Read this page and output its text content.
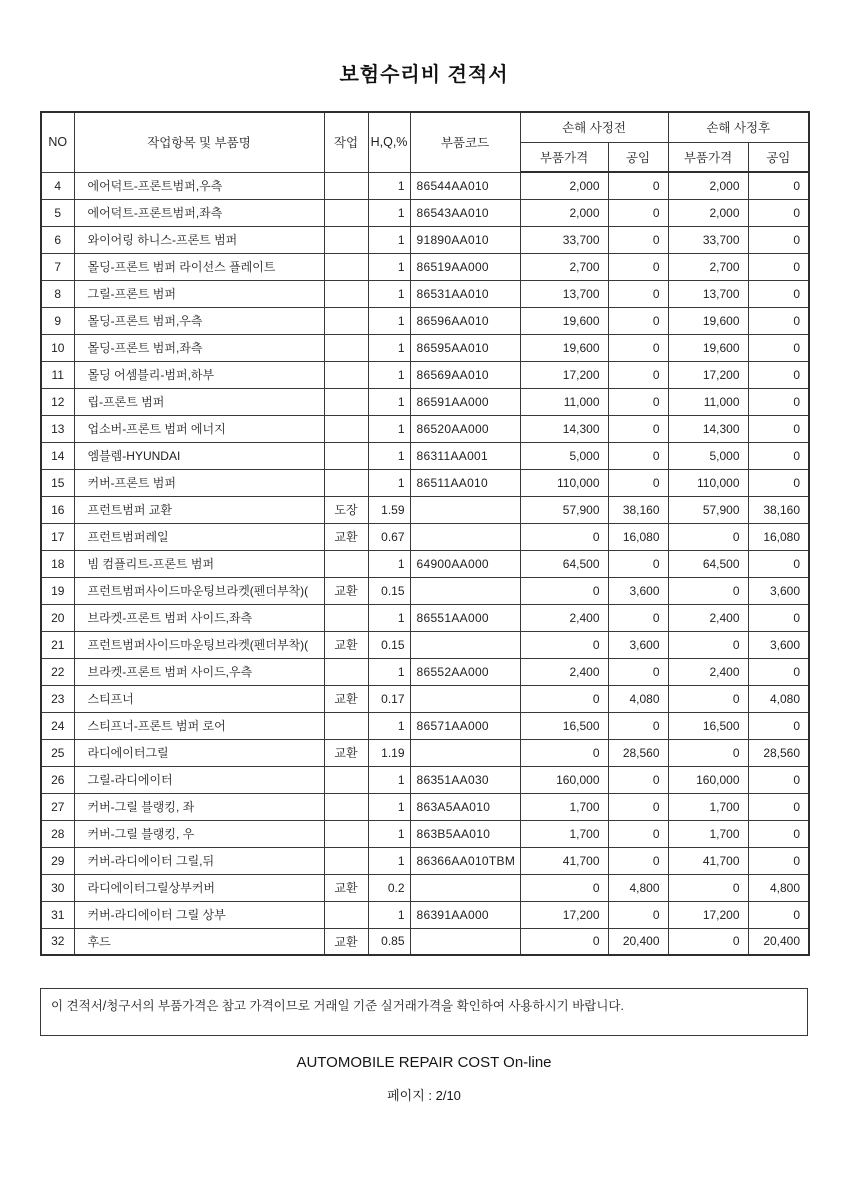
보험수리비 견적서
NO	작업항목 및 부품명	작업	H,Q,%	부품코드	손해 사정전		손해 사정후	
					부품가격	공임	부품가격	공임
4	에어덕트-프론트범퍼,우측		1	86544AA010	2,000	0	2,000	0
5	에어덕트-프론트범퍼,좌측		1	86543AA010	2,000	0	2,000	0
6	와이어링 하니스-프론트 범퍼		1	91890AA010	33,700	0	33,700	0
7	몰딩-프론트 범퍼 라이선스 플레이트		1	86519AA000	2,700	0	2,700	0
8	그릴-프론트 범퍼		1	86531AA010	13,700	0	13,700	0
9	몰딩-프론트 범퍼,우측		1	86596AA010	19,600	0	19,600	0
10	몰딩-프론트 범퍼,좌측		1	86595AA010	19,600	0	19,600	0
11	몰딩 어셈블리-범퍼,하부		1	86569AA010	17,200	0	17,200	0
12	립-프론트 범퍼		1	86591AA000	11,000	0	11,000	0
13	업소버-프론트 범퍼 에너지		1	86520AA000	14,300	0	14,300	0
14	엠블렘-HYUNDAI		1	86311AA001	5,000	0	5,000	0
15	커버-프론트 범퍼		1	86511AA010	110,000	0	110,000	0
16	프런트범퍼 교환	도장	1.59		57,900	38,160	57,900	38,160
17	프런트범퍼레일	교환	0.67		0	16,080	0	16,080
18	빔 컴플리트-프론트 범퍼		1	64900AA000	64,500	0	64,500	0
19	프런트범퍼사이드마운팅브라켓(펜더부착)(	교환	0.15		0	3,600	0	3,600
20	브라켓-프론트 범퍼 사이드,좌측		1	86551AA000	2,400	0	2,400	0
21	프런트범퍼사이드마운팅브라켓(펜더부착)(	교환	0.15		0	3,600	0	3,600
22	브라켓-프론트 범퍼 사이드,우측		1	86552AA000	2,400	0	2,400	0
23	스티프너	교환	0.17		0	4,080	0	4,080
24	스티프너-프론트 범퍼 로어		1	86571AA000	16,500	0	16,500	0
25	라디에이터그릴	교환	1.19		0	28,560	0	28,560
26	그릴-라디에이터		1	86351AA030	160,000	0	160,000	0
27	커버-그릴 블랭킹, 좌		1	863A5AA010	1,700	0	1,700	0
28	커버-그릴 블랭킹, 우		1	863B5AA010	1,700	0	1,700	0
29	커버-라디에이터 그릴,뒤		1	86366AA010TBM	41,700	0	41,700	0
30	라디에이터그릴상부커버	교환	0.2		0	4,800	0	4,800
31	커버-라디에이터 그릴 상부		1	86391AA000	17,200	0	17,200	0
32	후드	교환	0.85		0	20,400	0	20,400
이 견적서/청구서의 부품가격은 참고 가격이므로 거래일 기준 실거래가격을 확인하여 사용하시기 바랍니다.
AUTOMOBILE REPAIR COST On-line
페이지 : 2/10
